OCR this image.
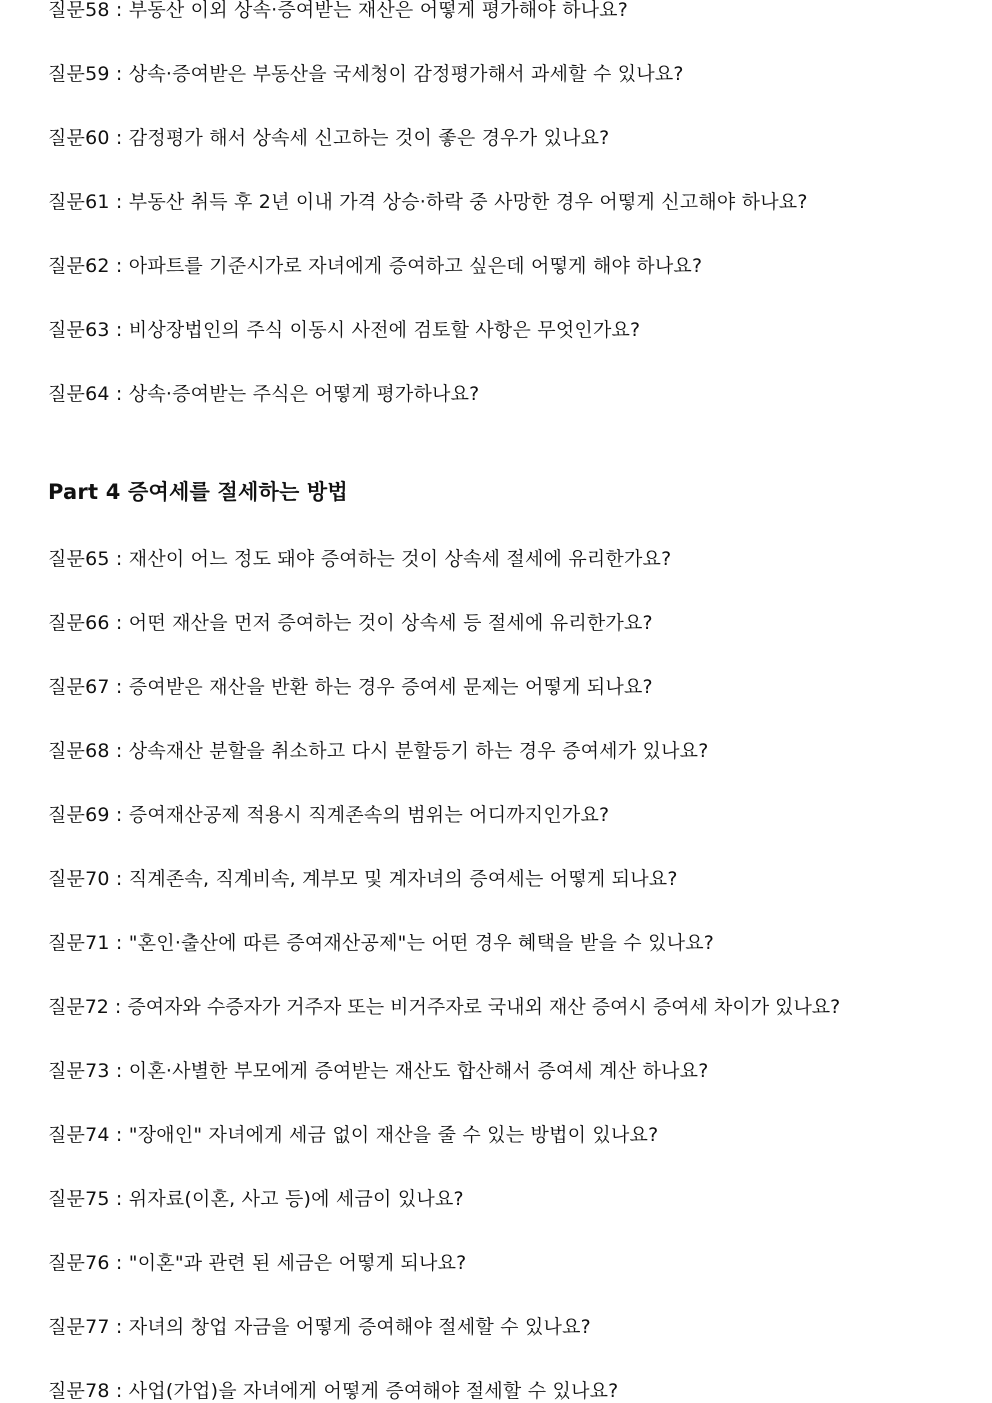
질문58 : 부동산 이외 상속·증여받는 재산은 어떻게 평가해야 하나요?
질문59 : 상속·증여받은 부동산을 국세청이 감정평가해서 과세할 수 있나요?
질문60 : 감정평가 해서 상속세 신고하는 것이 좋은 경우가 있나요?
질문61 : 부동산 취득 후 2년 이내 가격 상승·하락 중 사망한 경우 어떻게 신고해야 하나요?
질문62 : 아파트를 기준시가로 자녀에게 증여하고 싶은데 어떻게 해야 하나요?
질문63 : 비상장법인의 주식 이동시 사전에 검토할 사항은 무엇인가요?
질문64 : 상속·증여받는 주식은 어떻게 평가하나요?
Part 4 증여세를 절세하는 방법
질문65 : 재산이 어느 정도 돼야 증여하는 것이 상속세 절세에 유리한가요?
질문66 : 어떤 재산을 먼저 증여하는 것이 상속세 등 절세에 유리한가요?
질문67 : 증여받은 재산을 반환 하는 경우 증여세 문제는 어떻게 되나요?
질문68 : 상속재산 분할을 취소하고 다시 분할등기 하는 경우 증여세가 있나요?
질문69 : 증여재산공제 적용시 직계존속의 범위는 어디까지인가요?
질문70 : 직계존속, 직계비속, 계부모 및 계자녀의 증여세는 어떻게 되나요?
질문71 : "혼인·출산에 따른 증여재산공제"는 어떤 경우 혜택을 받을 수 있나요?
질문72 : 증여자와 수증자가 거주자 또는 비거주자로 국내외 재산 증여시 증여세 차이가 있나요?
질문73 : 이혼·사별한 부모에게 증여받는 재산도 합산해서 증여세 계산 하나요?
질문74 : "장애인" 자녀에게 세금 없이 재산을 줄 수 있는 방법이 있나요?
질문75 : 위자료(이혼, 사고 등)에 세금이 있나요?
질문76 : "이혼"과 관련 된 세금은 어떻게 되나요?
질문77 : 자녀의 창업 자금을 어떻게 증여해야 절세할 수 있나요?
질문78 : 사업(가업)을 자녀에게 어떻게 증여해야 절세할 수 있나요?
